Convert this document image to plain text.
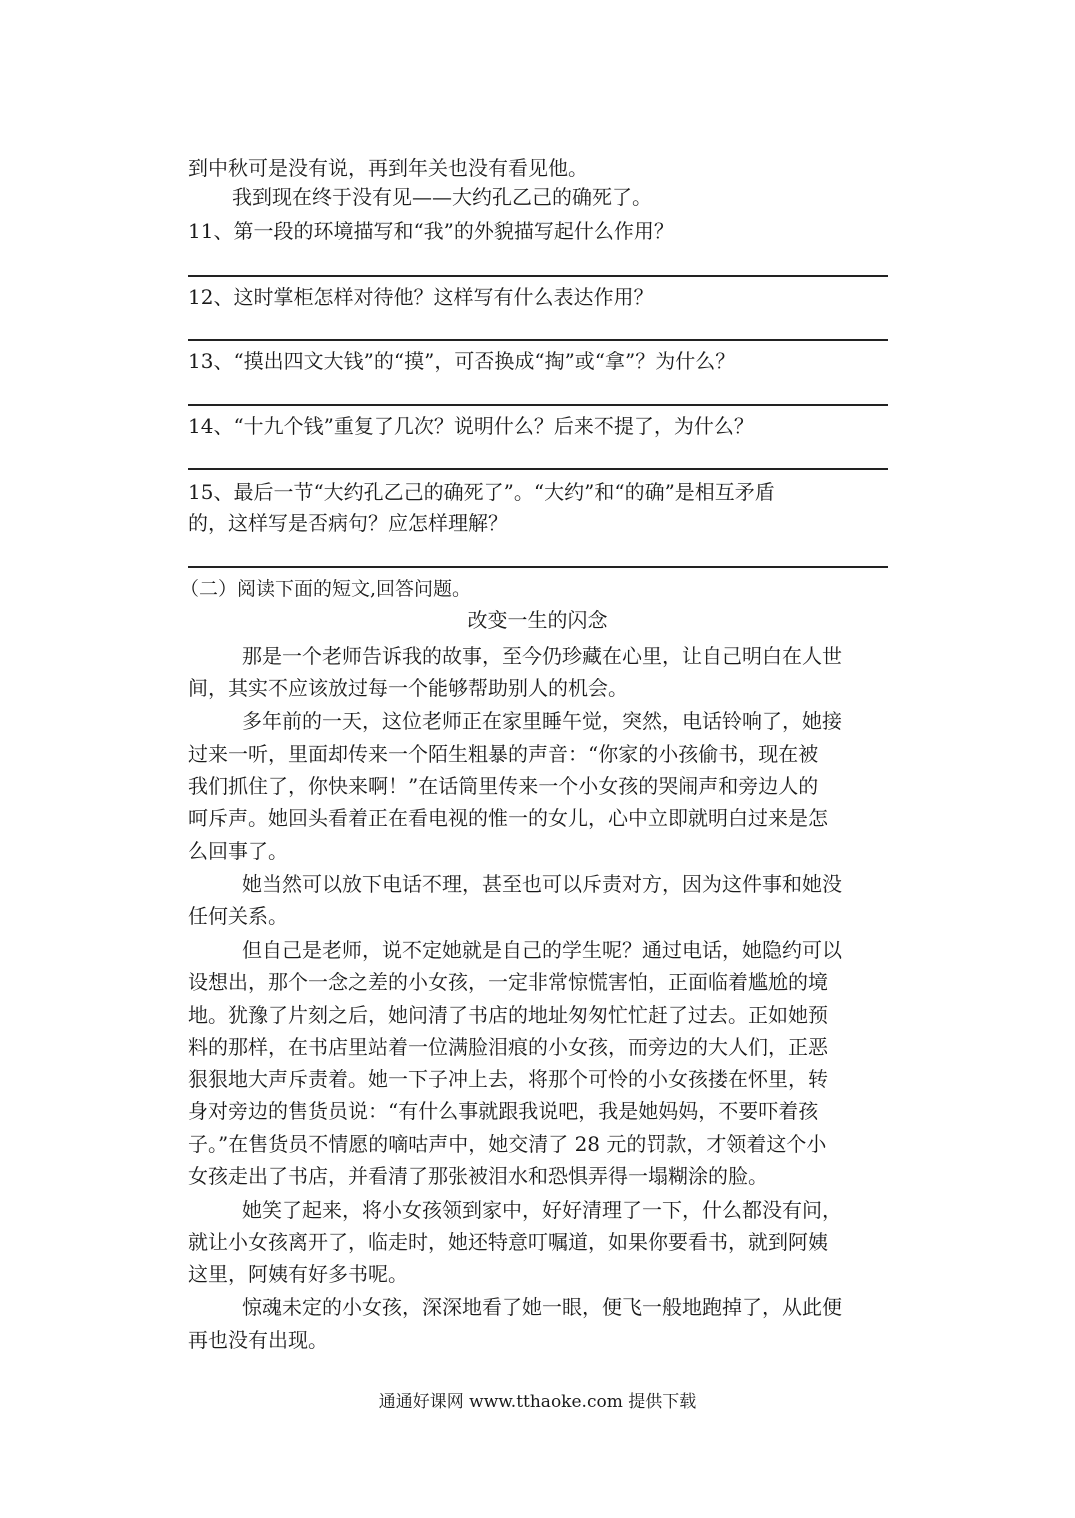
到中秋可是没有说，再到年关也没有看见他。
我到现在终于没有见——大约孔乙己的确死了。
11、第一段的环境描写和“我”的外貌描写起什么作用？
12、这时掌柜怎样对待他？这样写有什么表达作用？
13、“摸出四文大钱”的“摸”，可否换成“掏”或“拿”？为什么？
14、“十九个钱”重复了几次？说明什么？后来不提了，为什么？
15、最后一节“大约孔乙己的确死了”。“大约”和“的确”是相互矛盾
的，这样写是否病句？应怎样理解？
（二）阅读下面的短文,回答问题。
改变一生的闪念
那是一个老师告诉我的故事，至今仍珍藏在心里，让自己明白在人世
间，其实不应该放过每一个能够帮助别人的机会。
多年前的一天，这位老师正在家里睡午觉，突然，电话铃响了，她接
过来一听，里面却传来一个陌生粗暴的声音：“你家的小孩偷书，现在被
我们抓住了，你快来啊！”在话筒里传来一个小女孩的哭闹声和旁边人的
呵斥声。她回头看着正在看电视的惟一的女儿，心中立即就明白过来是怎
么回事了。
她当然可以放下电话不理，甚至也可以斥责对方，因为这件事和她没
任何关系。
但自己是老师，说不定她就是自己的学生呢？通过电话，她隐约可以
设想出，那个一念之差的小女孩，一定非常惊慌害怕，正面临着尴尬的境
地。犹豫了片刻之后，她问清了书店的地址匆匆忙忙赶了过去。正如她预
料的那样，在书店里站着一位满脸泪痕的小女孩，而旁边的大人们，正恶
狠狠地大声斥责着。她一下子冲上去，将那个可怜的小女孩搂在怀里，转
身对旁边的售货员说：“有什么事就跟我说吧，我是她妈妈，不要吓着孩
子。”在售货员不情愿的嘀咕声中，她交清了 28 元的罚款，才领着这个小
女孩走出了书店，并看清了那张被泪水和恐惧弄得一塌糊涂的脸。
她笑了起来，将小女孩领到家中，好好清理了一下，什么都没有问，
就让小女孩离开了，临走时，她还特意叮嘱道，如果你要看书，就到阿姨
这里，阿姨有好多书呢。
惊魂未定的小女孩，深深地看了她一眼，便飞一般地跑掉了，从此便
再也没有出现。
通通好课网 www.tthaoke.com 提供下载
